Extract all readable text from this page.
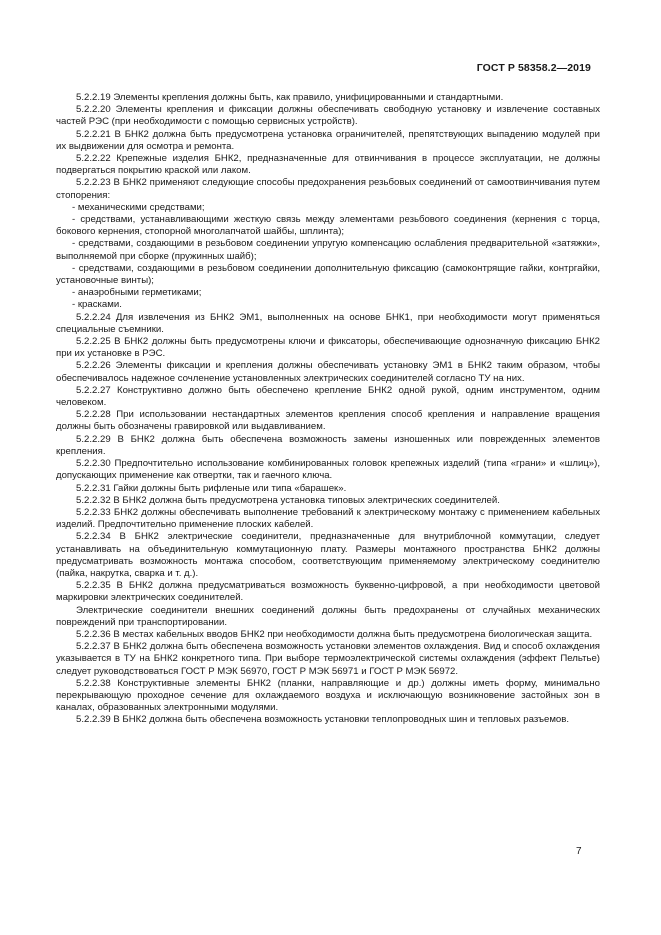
ГОСТ Р 58358.2—2019

5.2.2.19 Элементы крепления должны быть, как правило, унифицированными и стандартными.

5.2.2.20 Элементы крепления и фиксации должны обеспечивать свободную установку и извлечение составных частей РЭС (при необходимости с помощью сервисных устройств).

5.2.2.21 В БНК2 должна быть предусмотрена установка ограничителей, препятствующих выпадению модулей при их выдвижении для осмотра и ремонта.

5.2.2.22 Крепежные изделия БНК2, предназначенные для отвинчивания в процессе эксплуатации, не должны подвергаться покрытию краской или лаком.

5.2.2.23 В БНК2 применяют следующие способы предохранения резьбовых соединений от самоотвинчивания путем стопорения:

- механическими средствами;

- средствами, устанавливающими жесткую связь между элементами резьбового соединения (кернения с торца, бокового кернения, стопорной многолапчатой шайбы, шплинта);

- средствами, создающими в резьбовом соединении упругую компенсацию ослабления предварительной «затяжки», выполняемой при сборке (пружинных шайб);

- средствами, создающими в резьбовом соединении дополнительную фиксацию (самоконтрящие гайки, контргайки, установочные винты);

- анаэробными герметиками;

- красками.

5.2.2.24 Для извлечения из БНК2 ЭМ1, выполненных на основе БНК1, при необходимости могут применяться специальные съемники.

5.2.2.25 В БНК2 должны быть предусмотрены ключи и фиксаторы, обеспечивающие однозначную фиксацию БНК2 при их установке в РЭС.

5.2.2.26 Элементы фиксации и крепления должны обеспечивать установку ЭМ1 в БНК2 таким образом, чтобы обеспечивалось надежное сочленение установленных электрических соединителей согласно ТУ на них.

5.2.2.27 Конструктивно должно быть обеспечено крепление БНК2 одной рукой, одним инструментом, одним человеком.

5.2.2.28 При использовании нестандартных элементов крепления способ крепления и направление вращения должны быть обозначены гравировкой или выдавливанием.

5.2.2.29 В БНК2 должна быть обеспечена возможность замены изношенных или поврежденных элементов крепления.

5.2.2.30 Предпочтительно использование комбинированных головок крепежных изделий (типа «грани» и «шлиц»), допускающих применение как отвертки, так и гаечного ключа.

5.2.2.31 Гайки должны быть рифленые или типа «барашек».

5.2.2.32 В БНК2 должна быть предусмотрена установка типовых электрических соединителей.

5.2.2.33 БНК2 должны обеспечивать выполнение требований к электрическому монтажу с применением кабельных изделий. Предпочтительно применение плоских кабелей.

5.2.2.34 В БНК2 электрические соединители, предназначенные для внутриблочной коммутации, следует устанавливать на объединительную коммутационную плату. Размеры монтажного пространства БНК2 должны предусматривать возможность монтажа способом, соответствующим применяемому электрическому соединителю (пайка, накрутка, сварка и т. д.).

5.2.2.35 В БНК2 должна предусматриваться возможность буквенно-цифровой, а при необходимости цветовой маркировки электрических соединителей.

Электрические соединители внешних соединений должны быть предохранены от случайных механических повреждений при транспортировании.

5.2.2.36 В местах кабельных вводов БНК2 при необходимости должна быть предусмотрена биологическая защита.

5.2.2.37 В БНК2 должна быть обеспечена возможность установки элементов охлаждения. Вид и способ охлаждения указывается в ТУ на БНК2 конкретного типа. При выборе термоэлектрической системы охлаждения (эффект Пельтье) следует руководствоваться ГОСТ Р МЭК 56970, ГОСТ Р МЭК 56971 и ГОСТ Р МЭК 56972.

5.2.2.38 Конструктивные элементы БНК2 (планки, направляющие и др.) должны иметь форму, минимально перекрывающую проходное сечение для охлаждаемого воздуха и исключающую возникновение застойных зон в каналах, образованных электронными модулями.

5.2.2.39 В БНК2 должна быть обеспечена возможность установки теплопроводных шин и тепловых разъемов.

7
